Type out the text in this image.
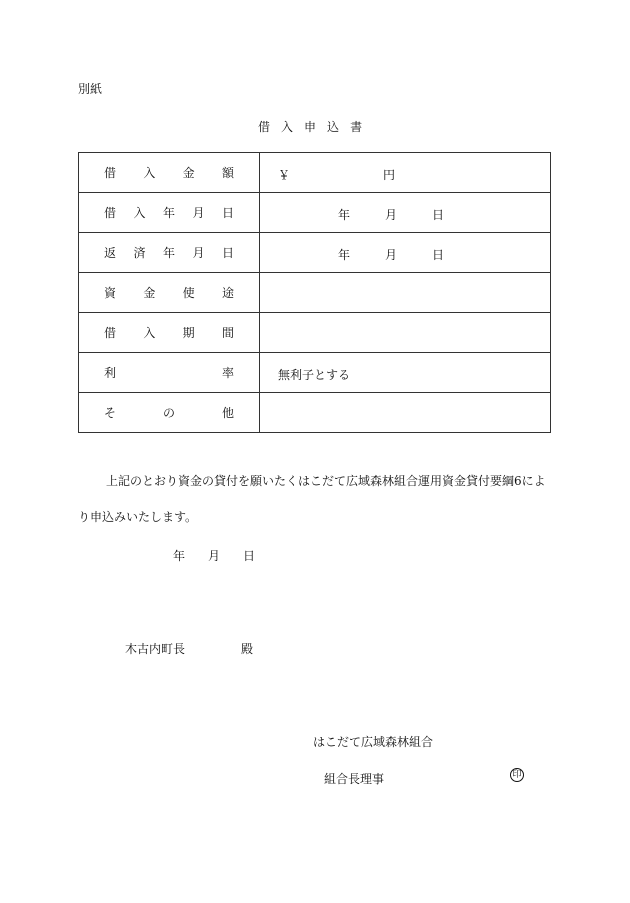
別紙
借 入 申 込 書
借 入 金 額	￥ 円

借 入 年 月 日	年 月 日

返 済 年 月 日	年 月 日

資 金 使 途	

借 入 期 間	

利 率	無利子とする

そ の 他	

上記のとおり資金の貸付を願いたくはこだて広域森林組合運用資金貸付要綱6によ
り申込みいたします。
年 月 日
木古内町長	殿
はこだて広域森林組合
組合長理事	印
